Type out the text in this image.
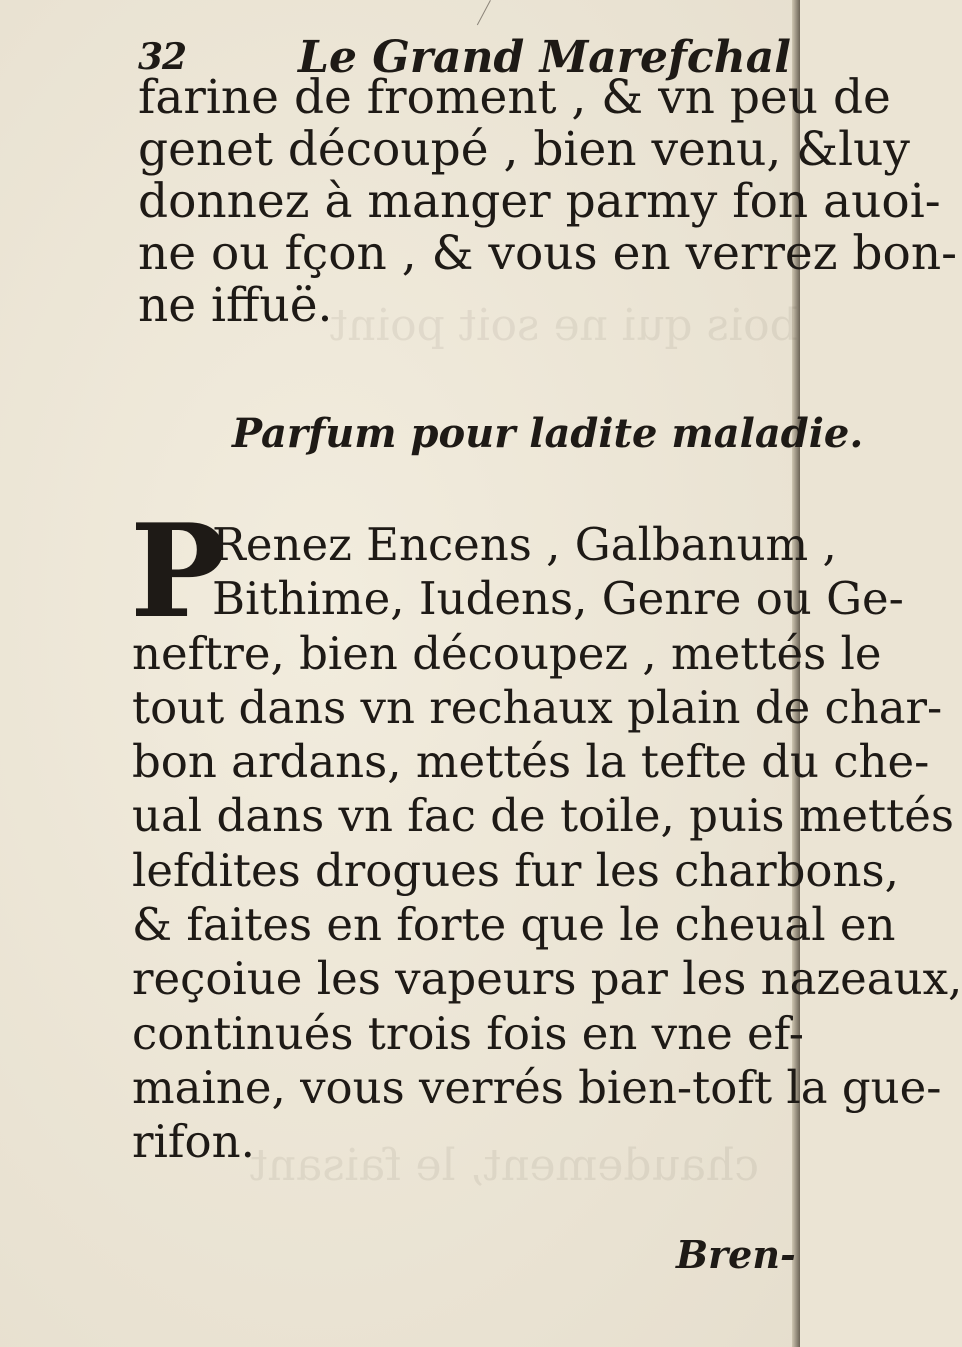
bois qui ne soit point
chaudement, le faisant
32	Le Grand Marefchal
farine de froment , & vn peu de
genet découpé , bien venu, &luy
donnez à manger parmy fon auoi-
ne ou fçon , & vous en verrez bon-
ne iffuë.
Parfum pour ladite maladie.
P
Renez Encens , Galbanum ,
Bithime, Iudens, Genre ou Ge-
neftre, bien découpez , mettés le
tout dans vn rechaux plain de char-
bon ardans, mettés la tefte du che-
ual dans vn fac de toile, puis mettés
lefdites drogues fur les charbons,
& faites en forte que le cheual en
reçoiue les vapeurs par les nazeaux,
continués trois fois en vne ef-
maine, vous verrés bien-toft la gue-
rifon.
Bren-
